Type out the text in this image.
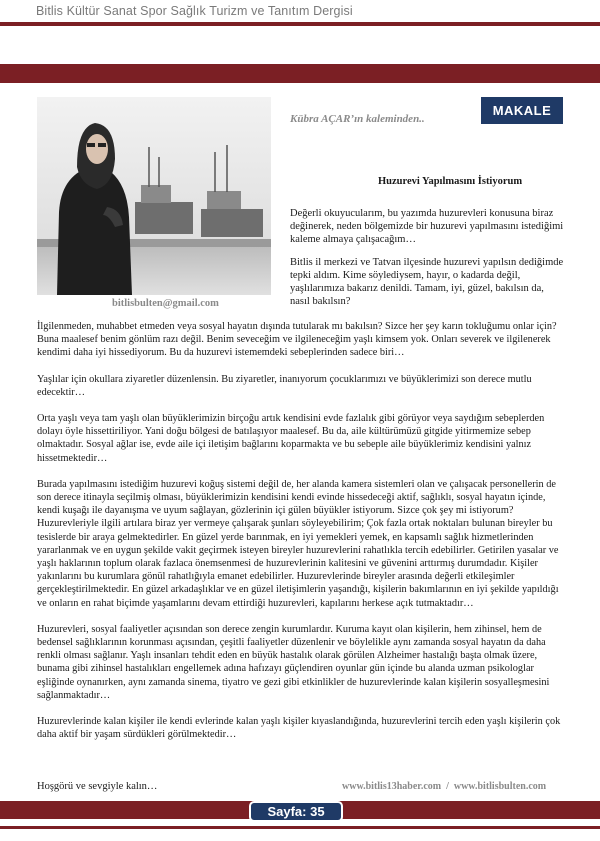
Bitlis Kültür Sanat Spor Sağlık Turizm ve Tanıtım Dergisi
MAKALE
Kübra AÇAR’ın kaleminden..
bitlisbulten@gmail.com
Huzurevi Yapılmasını İstiyorum

Değerli okuyucularım, bu yazımda huzurevleri konusuna biraz değinerek, neden bölgemizde bir huzurevi yapılmasını istediğimi kaleme almaya çalışacağım…

Bitlis il merkezi ve Tatvan ilçesinde huzurevi yapılsın dediğimde tepki aldım. Kime söylediysem, hayır, o kadarda değil, yaşlılarımıza bakarız denildi. Tamam, iyi, güzel, bakılsın da, nasıl bakılsın?

İlgilenmeden, muhabbet etmeden veya sosyal hayatın dışında tutularak mı bakılsın? Sizce her şey karın tokluğumu onlar için? Buna maalesef benim gönlüm razı değil. Benim seveceğim ve ilgileneceğim yaşlı kimsem yok. Onları severek ve ilgilenerek kendimi daha iyi hissediyorum. Bu da huzurevi istememdeki sebeplerinden sadece biri…

Yaşlılar için okullara ziyaretler düzenlensin. Bu ziyaretler, inanıyorum çocuklarımızı ve büyüklerimizi son derece mutlu edecektir…

Orta yaşlı veya tam yaşlı olan büyüklerimizin birçoğu artık kendisini evde fazlalık gibi görüyor veya saydığım sebeplerden dolayı öyle hissettiriliyor. Yani doğu bölgesi de batılaşıyor maalesef. Bu da, aile kültürümüzü gitgide yitirmemize sebep olmaktadır. Sosyal ağlar ise, evde aile içi iletişim bağlarını koparmakta ve bu sebeple aile büyüklerimiz kendisini yalnız hissetmektedir…

Burada yapılmasını istediğim huzurevi koğuş sistemi değil de, her alanda kamera sistemleri olan ve çalışacak personellerin de son derece itinayla seçilmiş olması, büyüklerimizin kendisini kendi evinde hissedeceği aktif, sağlıklı, sosyal hayatın içinde, kendi kuşağı ile dayanışma ve uyum sağlayan, gözlerinin içi gülen büyükler istiyorum. Sizce çok şey mi istiyorum? Huzurevleriyle ilgili artılara biraz yer vermeye çalışarak şunları söyleyebilirim; Çok fazla ortak noktaları bulunan bireyler bu tesislerde bir araya gelmektedirler. En güzel yerde barınmak, en iyi yemekleri yemek, en kapsamlı sağlık hizmetlerinden yararlanmak ve en uygun şekilde vakit geçirmek isteyen bireyler huzurevlerini rahatlıkla tercih edebilirler. Getirilen yasalar ve yaşlı haklarının toplum olarak fazlaca önemsenmesi de huzurevlerinin kalitesini ve güvenini arttırmış durumdadır. Kişiler yakınlarını bu kurumlara gönül rahatlığıyla emanet edebilirler. Huzurevlerinde bireyler arasında değerli etkileşimler gerçekleştirilmektedir. En güzel arkadaşlıklar ve en güzel iletişimlerin yaşandığı, kişilerin bakımlarının en iyi şekilde yapıldığı ve onların en rahat biçimde yaşamlarını devam ettirdiği huzurevleri, kapılarını herkese açık tutmaktadır…

Huzurevleri, sosyal faaliyetler açısından son derece zengin kurumlardır. Kuruma kayıt olan kişilerin, hem zihinsel, hem de bedensel sağlıklarının korunması açısından, çeşitli faaliyetler düzenlenir ve böylelikle aynı zamanda sosyal hayatın da daha renkli olması sağlanır. Yaşlı insanları tehdit eden en büyük hastalık olarak görülen Alzheimer hastalığı başta olmak üzere, bunama gibi zihinsel hastalıkları engellemek adına hafızayı güçlendiren oyunlar gün içinde bu alanda uzman psikologlar eşliğinde oynanırken, aynı zamanda sinema, tiyatro ve gezi gibi etkinlikler de huzurevlerinde kalan kişilerin sosyalleşmesini sağlanmaktadır…

Huzurevlerinde kalan kişiler ile kendi evlerinde kalan yaşlı kişiler kıyaslandığında, huzurevlerini tercih eden yaşlı kişilerin çok daha aktif bir yaşam sürdükleri görülmektedir…

Hoşgörü ve sevgiyle kalın…	www.bitlis13haber.com  /  www.bitlisbulten.com
Sayfa: 35
